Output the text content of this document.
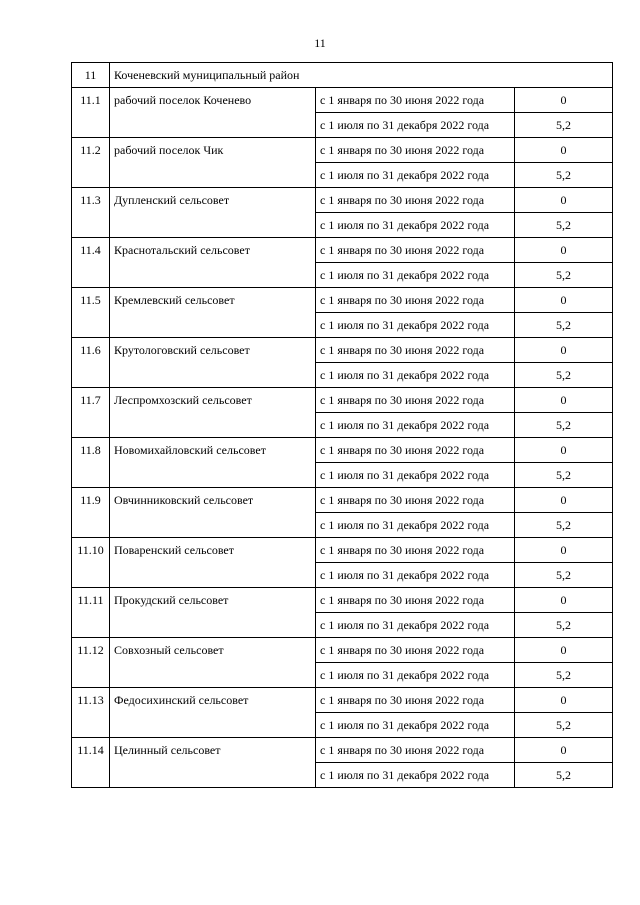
11
11	Коченевский муниципальный район		
11.1	рабочий поселок Коченево	с 1 января по 30 июня 2022 года	0
		с 1 июля по 31 декабря 2022 года	5,2
11.2	рабочий поселок Чик	с 1 января по 30 июня 2022 года	0
		с 1 июля по 31 декабря 2022 года	5,2
11.3	Дупленский сельсовет	с 1 января по 30 июня 2022 года	0
		с 1 июля по 31 декабря 2022 года	5,2
11.4	Краснотальский сельсовет	с 1 января по 30 июня 2022 года	0
		с 1 июля по 31 декабря 2022 года	5,2
11.5	Кремлевский сельсовет	с 1 января по 30 июня 2022 года	0
		с 1 июля по 31 декабря 2022 года	5,2
11.6	Крутологовский сельсовет	с 1 января по 30 июня 2022 года	0
		с 1 июля по 31 декабря 2022 года	5,2
11.7	Леспромхозский сельсовет	с 1 января по 30 июня 2022 года	0
		с 1 июля по 31 декабря 2022 года	5,2
11.8	Новомихайловский сельсовет	с 1 января по 30 июня 2022 года	0
		с 1 июля по 31 декабря 2022 года	5,2
11.9	Овчинниковский сельсовет	с 1 января по 30 июня 2022 года	0
		с 1 июля по 31 декабря 2022 года	5,2
11.10	Поваренский сельсовет	с 1 января по 30 июня 2022 года	0
		с 1 июля по 31 декабря 2022 года	5,2
11.11	Прокудский сельсовет	с 1 января по 30 июня 2022 года	0
		с 1 июля по 31 декабря 2022 года	5,2
11.12	Совхозный сельсовет	с 1 января по 30 июня 2022 года	0
		с 1 июля по 31 декабря 2022 года	5,2
11.13	Федосихинский сельсовет	с 1 января по 30 июня 2022 года	0
		с 1 июля по 31 декабря 2022 года	5,2
11.14	Целинный сельсовет	с 1 января по 30 июня 2022 года	0
		с 1 июля по 31 декабря 2022 года	5,2
